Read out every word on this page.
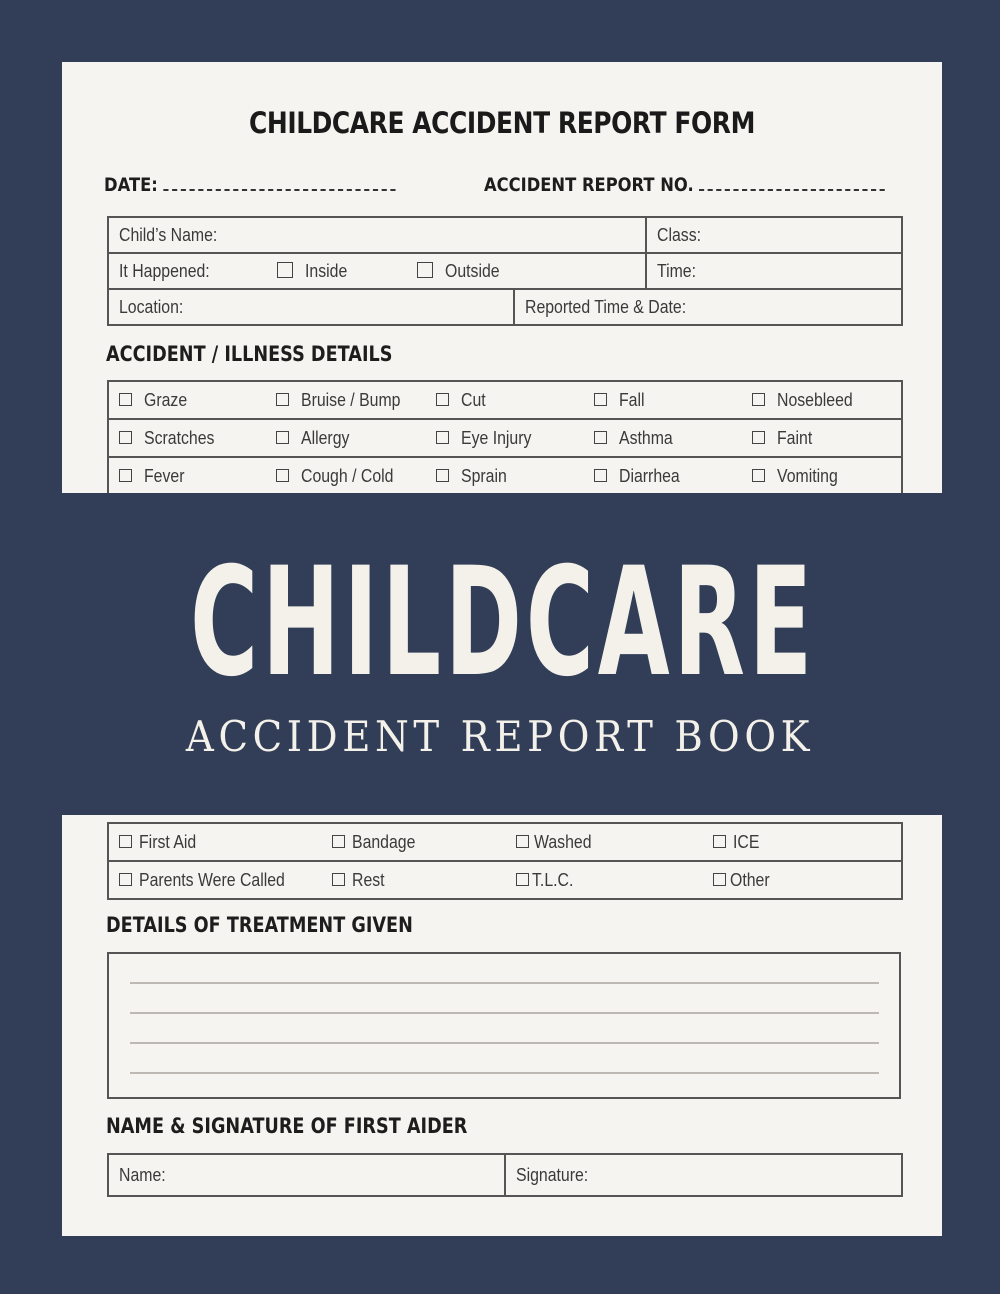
CHILDCARE ACCIDENT REPORT FORM
DATE:	ACCIDENT REPORT NO.
Child’s Name:		Class:

It Happened: Inside Outside		Time:
Location:	Reported Time & Date:	
ACCIDENT / ILLNESS DETAILS
Graze	Bruise / Bump	Cut	Fall	Nosebleed
Scratches	Allergy	Eye Injury	Asthma	Faint
Fever	Cough / Cold	Sprain	Diarrhea	Vomiting
CHILDCARE
ACCIDENT REPORT BOOK
First Aid	Bandage	Washed	ICE
Parents Were Called	Rest	T.L.C.	Other
DETAILS OF TREATMENT GIVEN
NAME & SIGNATURE OF FIRST AIDER
Name:	Signature:
